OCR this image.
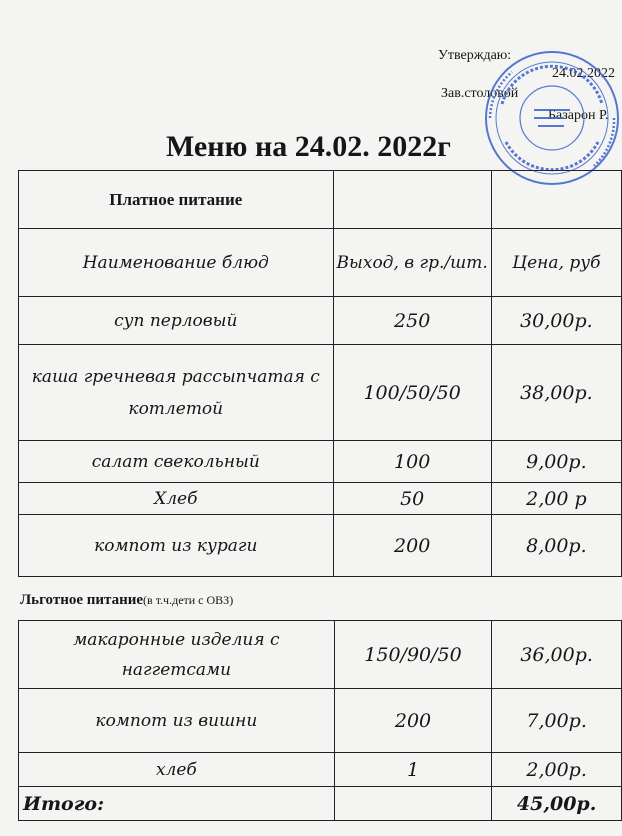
Утверждаю:
24.02.2022
Зав.столовой
Базарон Р.
Меню на 24.02. 2022г
Платное питание		
Наименование блюд	Выход, в гр./шт.	Цена, руб
суп перловый	250	30,00р.
каша гречневая рассыпчатая с котлетой	100/50/50	38,00р.
салат свекольный	100	9,00р.
Хлеб	50	2,00 р
компот из кураги	200	8,00р.
Льготное питание(в т.ч.дети с ОВЗ)
макаронные изделия с наггетсами	150/90/50	36,00р.
компот из вишни	200	7,00р.
хлеб	1	2,00р.
Итого:		45,00р.
